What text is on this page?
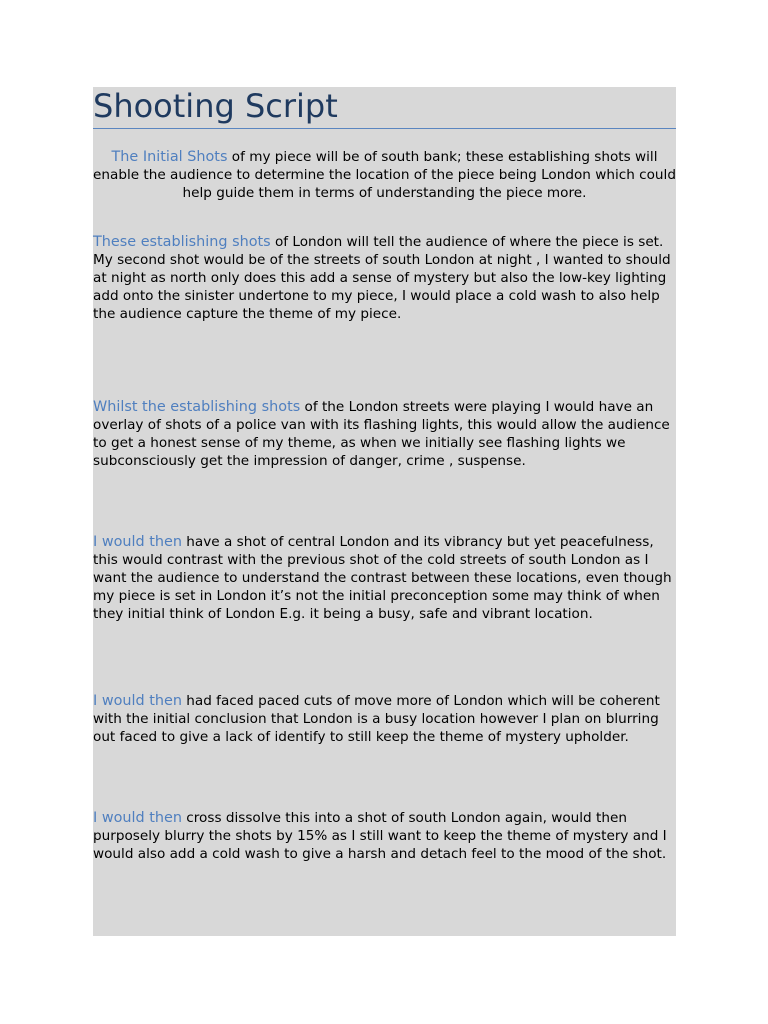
Shooting Script

The Initial Shots of my piece will be of south bank; these establishing shots will enable the audience to determine the location of the piece being London which could help guide them in terms of understanding the piece more.

These establishing shots of London will tell the audience of where the piece is set. My second shot would be of the streets of south London at night , I wanted to should at night as north only does this add a sense of mystery but also the low-key lighting add onto the sinister undertone to my piece, I would place a cold wash to also help the audience capture the theme of my piece.

Whilst the establishing shots of the London streets were playing I would have an overlay of shots of a police van with its flashing lights, this would allow the audience to get a honest sense of my theme, as when we initially see flashing lights we subconsciously get the impression of danger, crime , suspense.

I would then have a shot of central London and its vibrancy but yet peacefulness, this would contrast with the previous shot of the cold streets of south London as I want the audience to understand the contrast between these locations, even though my piece is set in London it’s not the initial preconception some may think of when they initial think of London E.g. it being a busy, safe and vibrant location.

I would then had faced paced cuts of move more of London which will be coherent with the initial conclusion that London is a busy location however I plan on blurring out faced to give a lack of identify to still keep the theme of mystery upholder.

I would then cross dissolve this into a shot of south London again, would then purposely blurry the shots by 15% as I still want to keep the theme of mystery and I would also add a cold wash to give a harsh and detach feel to the mood of the shot.
